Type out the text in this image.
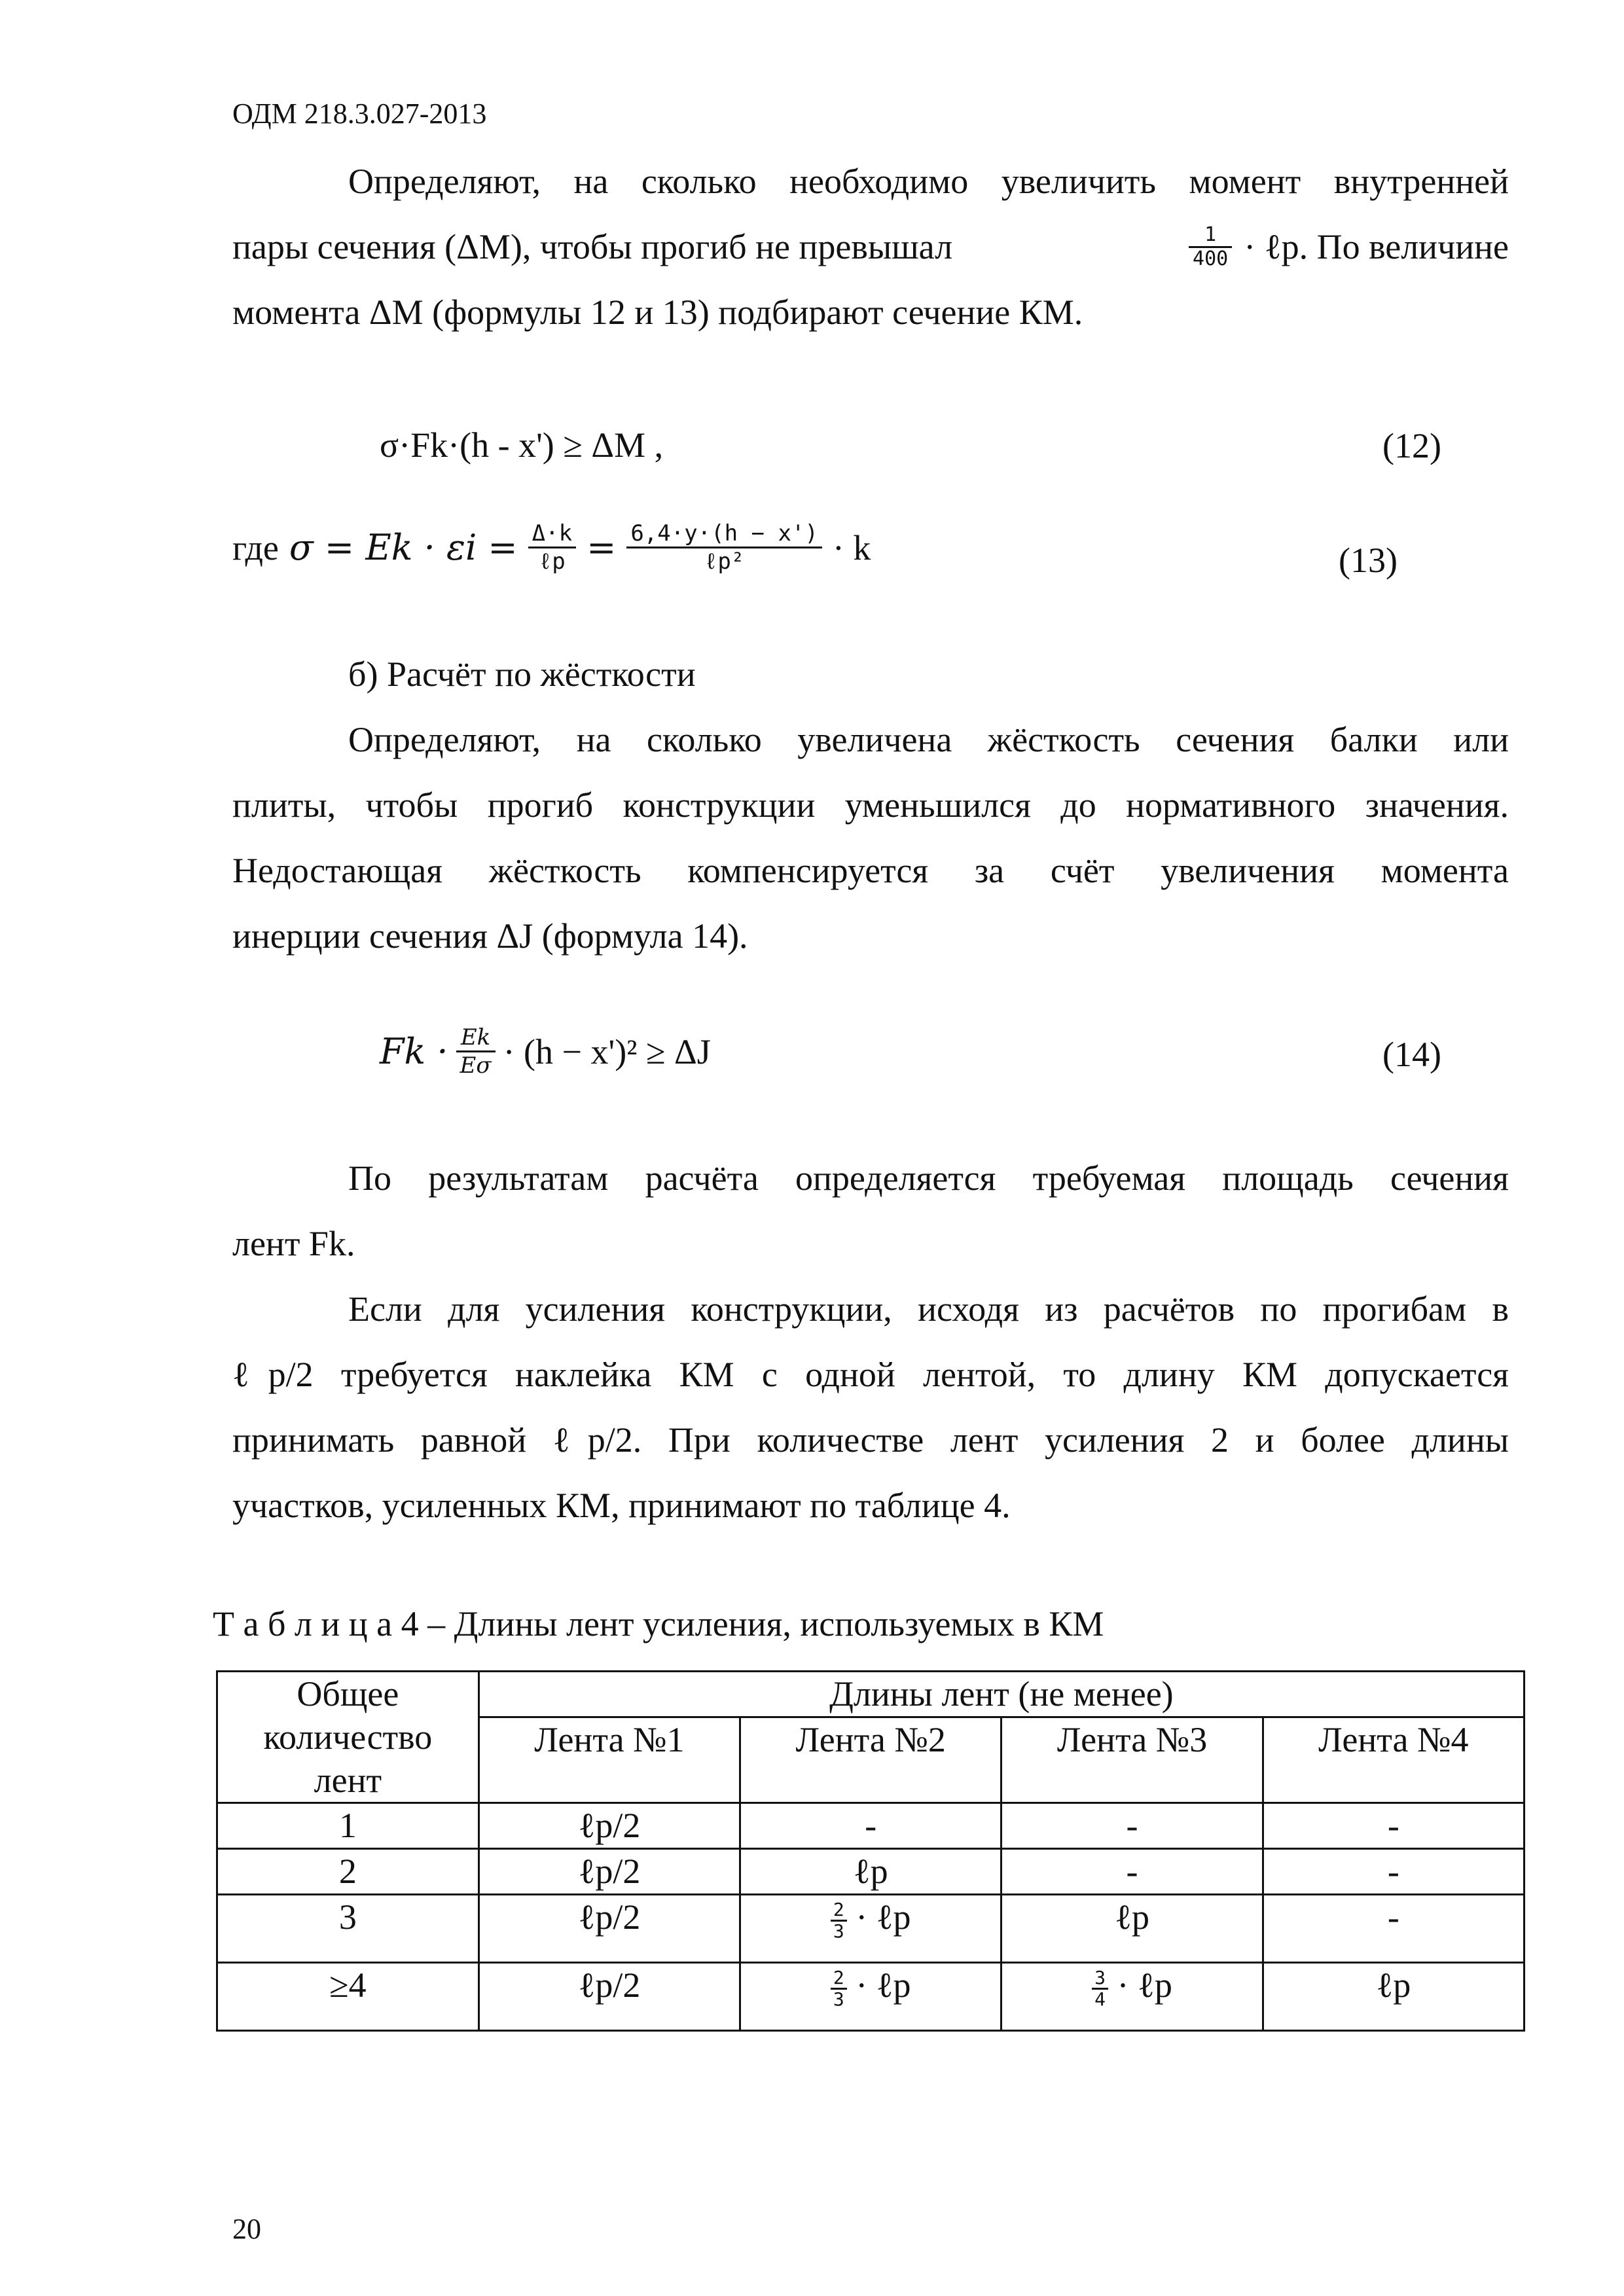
ОДМ 218.3.027-2013
Определяют, на сколько необходимо увеличить момент внутренней
пары сечения (ΔМ), чтобы прогиб не превышал	$\frac{1}{400}$ · ℓp. По величине
момента ΔM (формулы 12 и 13) подбирают сечение КМ.
σ·Fk·(h - x') ≥ ΔM ,	(12)
где $\sigma = Ek \cdot \varepsilon i = \frac{\Delta\cdot k}{\text{ℓp}} = \frac{6,4\cdot y\cdot(h - x')}{\text{ℓp²}} \cdot k$	(13)
б) Расчёт по жёсткости
Определяют, на сколько увеличена жёсткость сечения балки или
плиты, чтобы прогиб конструкции уменьшился до нормативного значения.
Недостающая жёсткость компенсируется за счёт увеличения момента
инерции сечения ΔJ (формула 14).
$Fk \cdot \frac{Ek}{E\sigma} \cdot (h - x')^2 \ge \Delta J$	(14)
По результатам расчёта определяется требуемая площадь сечения
лент Fk.
Если для усиления конструкции, исходя из расчётов по прогибам в
ℓp/2 требуется наклейка КМ с одной лентой, то длину КМ допускается
принимать равной ℓp/2. При количестве лент усиления 2 и более длины
участков, усиленных КМ, принимают по таблице 4.
Т а б л и ц а 4 – Длины лент усиления, используемых в КМ
Общее количество лент	Длины лент (не менее)			
	Лента №1	Лента №2	Лента №3	Лента №4
1	ℓp/2	-	-	-
2	ℓp/2	ℓp	-	-
3	ℓp/2	$\frac{2}{3}$ · ℓp	ℓp	-
≥4	ℓp/2	$\frac{2}{3}$ · ℓp	$\frac{3}{4}$ · ℓp	ℓp
20
